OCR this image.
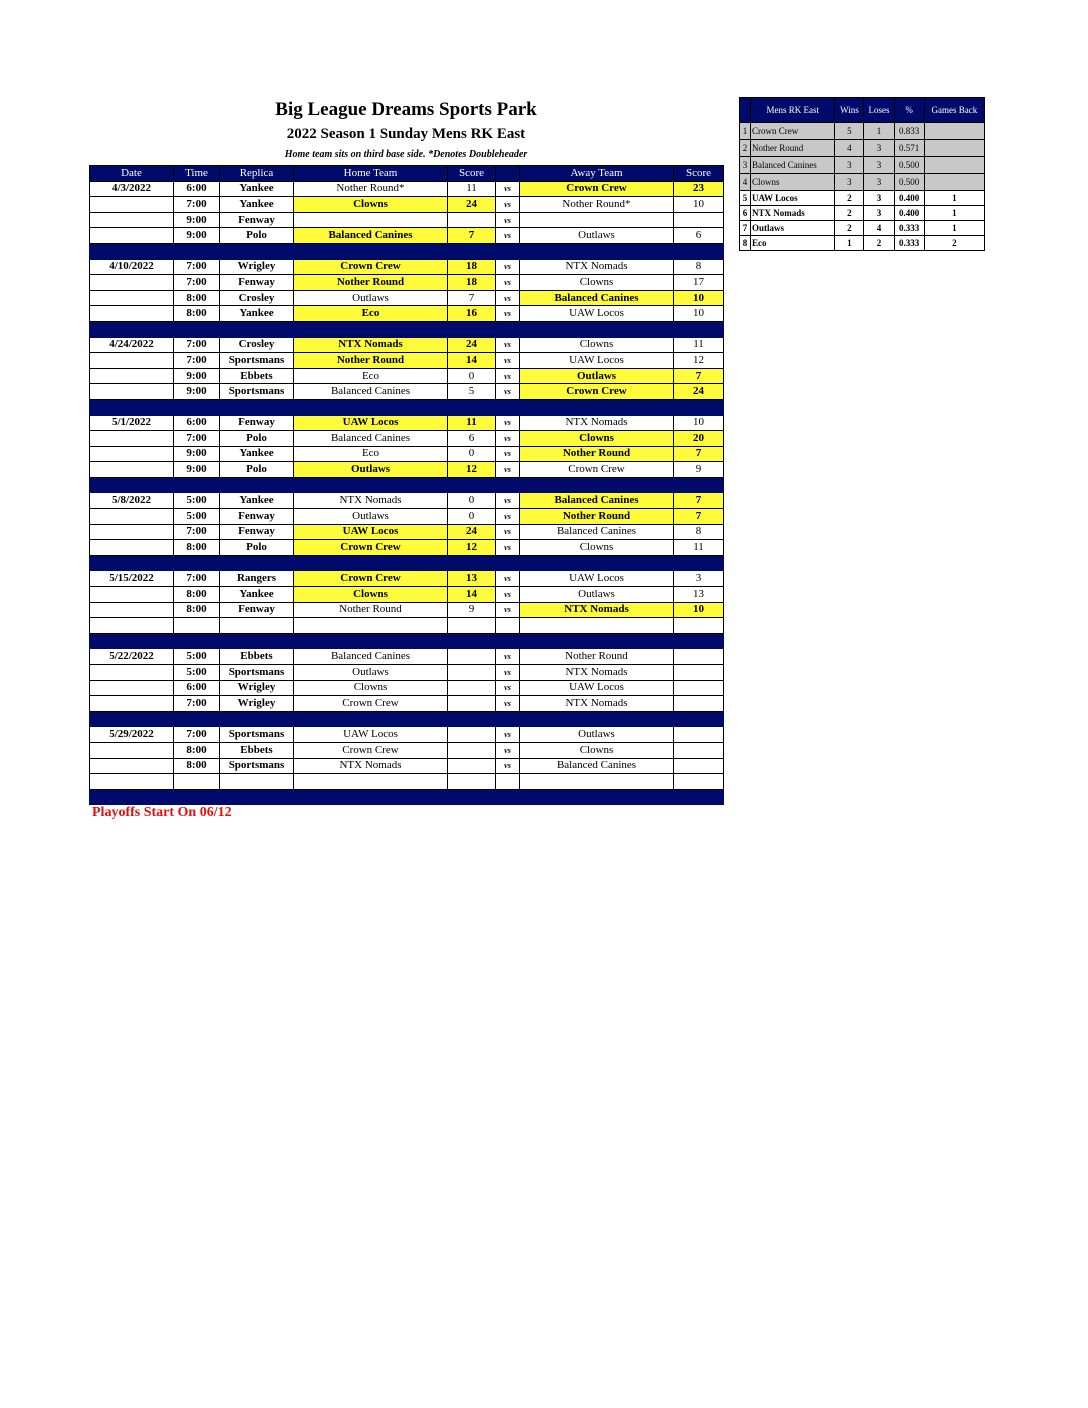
Big League Dreams Sports Park
2022 Season 1 Sunday Mens RK East
Home team sits on third base side. *Denotes Doubleheader
Date	Time	Replica	Home Team	Score		Away Team	Score
4/3/2022	6:00	Yankee	Nother Round*	11	vs	Crown Crew	23
	7:00	Yankee	Clowns	24	vs	Nother Round*	10
	9:00	Fenway			vs		
	9:00	Polo	Balanced Canines	7	vs	Outlaws	6

4/10/2022	7:00	Wrigley	Crown Crew	18	vs	NTX Nomads	8
	7:00	Fenway	Nother Round	18	vs	Clowns	17
	8:00	Crosley	Outlaws	7	vs	Balanced Canines	10
	8:00	Yankee	Eco	16	vs	UAW Locos	10

4/24/2022	7:00	Crosley	NTX Nomads	24	vs	Clowns	11
	7:00	Sportsmans	Nother Round	14	vs	UAW Locos	12
	9:00	Ebbets	Eco	0	vs	Outlaws	7
	9:00	Sportsmans	Balanced Canines	5	vs	Crown Crew	24

5/1/2022	6:00	Fenway	UAW Locos	11	vs	NTX Nomads	10
	7:00	Polo	Balanced Canines	6	vs	Clowns	20
	9:00	Yankee	Eco	0	vs	Nother Round	7
	9:00	Polo	Outlaws	12	vs	Crown Crew	9

5/8/2022	5:00	Yankee	NTX Nomads	0	vs	Balanced Canines	7
	5:00	Fenway	Outlaws	0	vs	Nother Round	7
	7:00	Fenway	UAW Locos	24	vs	Balanced Canines	8
	8:00	Polo	Crown Crew	12	vs	Clowns	11

5/15/2022	7:00	Rangers	Crown Crew	13	vs	UAW Locos	3
	8:00	Yankee	Clowns	14	vs	Outlaws	13
	8:00	Fenway	Nother Round	9	vs	NTX Nomads	10

5/22/2022	5:00	Ebbets	Balanced Canines		vs	Nother Round	
	5:00	Sportsmans	Outlaws		vs	NTX Nomads	
	6:00	Wrigley	Clowns		vs	UAW Locos	
	7:00	Wrigley	Crown Crew		vs	NTX Nomads	

5/29/2022	7:00	Sportsmans	UAW Locos		vs	Outlaws	
	8:00	Ebbets	Crown Crew		vs	Clowns	
	8:00	Sportsmans	NTX Nomads		vs	Balanced Canines	

Playoffs Start On 06/12
	Mens RK East	Wins	Loses	%	Games Back
1	Crown Crew	5	1	0.833	
2	Nother Round	4	3	0.571	
3	Balanced Canines	3	3	0.500	
4	Clowns	3	3	0.500	
5	UAW Locos	2	3	0.400	1
6	NTX Nomads	2	3	0.400	1
7	Outlaws	2	4	0.333	1
8	Eco	1	2	0.333	2
